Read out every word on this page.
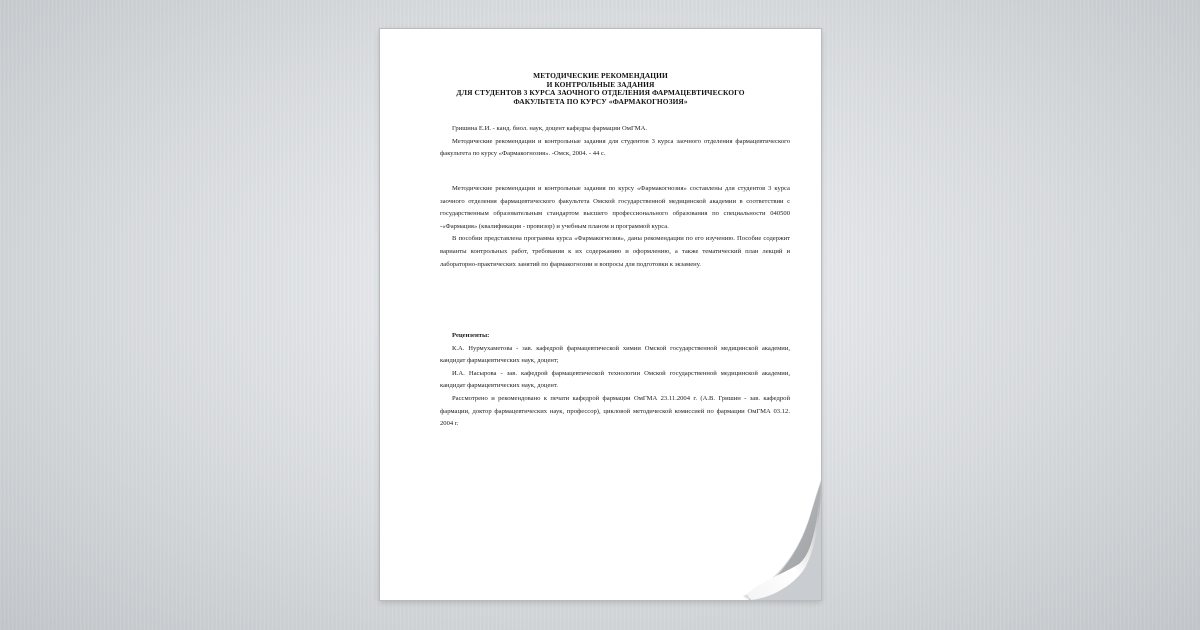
МЕТОДИЧЕСКИЕ РЕКОМЕНДАЦИИ
И КОНТРОЛЬНЫЕ ЗАДАНИЯ
ДЛЯ СТУДЕНТОВ 3 КУРСА ЗАОЧНОГО ОТДЕЛЕНИЯ ФАРМАЦЕВТИЧЕСКОГО
ФАКУЛЬТЕТА ПО КУРСУ «ФАРМАКОГНОЗИЯ»
Гришина Е.И. - канд. биол. наук, доцент кафедры фармации ОмГМА.
Методические рекомендации и контрольные задания для студентов 3 курса заочного отделения фармацевтического факультета по курсу «Фармакогнозия». -Омск, 2004. - 44 с.
Методические рекомендации и контрольные задания по курсу «Фармакогнозия» составлены для студентов 3 курса заочного отделения фармацевтического факультета Омской государственной медицинской академии в соответствии с государственным образовательным стандартом высшего профессионального образования по специальности 040500 -«Фармация» (квалификация - провизор) и учебным планом и программой курса.
В пособии представлена программа курса «Фармакогнозия», даны рекомендации по его изучению. Пособие содержит варианты контрольных работ, требования к их содержанию и оформлению, а также тематический план лекций и лабораторно-практических занятий по фармакогнозии и вопросы для подготовки к экзамену.
Рецензенты:
К.А. Нурмухаметова - зав. кафедрой фармацевтической химии Омской государственной медицинской академии, кандидат фармацевтических наук, доцент;
И.А. Насырова - зав. кафедрой фармацевтической технологии Омской государственной медицинской академии, кандидат фармацевтических наук, доцент.
Рассмотрено и рекомендовано к печати кафедрой фармации ОмГМА 23.11.2004 г. (А.В. Гришин - зав. кафедрой фармации, доктор фармацевтических наук, профессор), цикловой методической комиссией по фармации ОмГМА 03.12. 2004 г.
